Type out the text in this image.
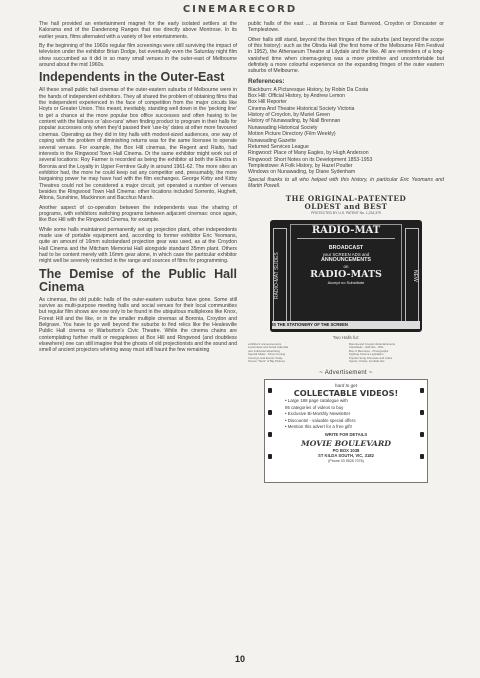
CINEMARECORD

The hall provided an entertainment magnet for the early isolated settlers at the Kalorama end of the Dandenong Ranges that rise directly above Montrose. In its earlier years, films alternated with a variety of live entertainments.

By the beginning of the 1960s regular film screenings were still surviving the impact of television under the exhibitor Brian Dodge, but eventually even the Saturday night film show succumbed as it did in so many small venues in the outer-east of Melbourne around about the mid 1960s.

Independents in the Outer-East

All these small public hall cinemas of the outer-eastern suburbs of Melbourne were in the hands of independent exhibitors. They all shared the problem of obtaining films that the independent experienced in the face of competition from the major circuits like Hoyts or Greater Union. This meant, inevitably, standing well down in the 'pecking line' to get a chance at the more popular box office successes and often having to be content with the failures or 'also-rans' when finding product to program in their halls for popular successes only when they'd passed their 'use-by' dates at other more favoured cinemas. Operating as they did in tiny halls with modest-sized audiences, one way of coping with the problem of diminishing returns was for the same licensee to operate several venues. For example, the Box Hill cinemas, the Regent and Rialto, had interests in the Ringwood Town Hall Cinema. Or the same exhibitor might work out of several locations: Roy Farmer is recorded as being the exhibitor at both the Electra in Boronia and the Loyalty in Upper Ferntree Gully in around 1961-62. The more sites an exhibitor had, the more he could keep out any competitor and, presumably, the more bargaining power he may have had with the film exchanges. George Kirby and Kirby Theatres could not be considered a major circuit, yet operated a number of venues besides the Ringwood Town Hall Cinema: other locations included Sorrento, Hughett, Altona, Sunshine, Mackinnon and Bacchus Marsh.

Another aspect of co-operation between the independents was the sharing of programs, with exhibitors switching programs between adjacent cinemas: once again, like Box Hill with the Ringwood Cinema, for example.

While some halls maintained permanently set up projection plant, other independents made use of portable equipment and, according to former exhibitor Eric Yeomans, quite an amount of 16mm substandard projection gear was used, as at the Croydon Hall Cinema and the Mitcham Memorial Hall alongside standard 35mm plant. Others had to be content merely with 16mm gear alone, in which case the particular exhibitor might well be severely restricted in the range and sources of films for programming.

The Demise of the Public Hall Cinema

As cinemas, the old public halls of the outer-eastern suburbs have gone. Some still survive as multi-purpose meeting halls and social venues for their local communities but regular film shows are now only to be found in the ubiquitous multiplexes like Knox, Forest Hill and the like, or in the smaller multiple cinemas at Boronia, Croydon and Belgrave. You have to go well beyond the suburbs to find relics like the Healesville Public Hall cinema or Warburton's Civic Theatre. While the cinema chains are contemplating further multi or megaplexes at Box Hill and Ringwood (and doubtless elsewhere) one can still imagine that the ghosts of old projectionists and the sound and smell of ancient projectors whirring away must still haunt the few remaining

public halls of the east ... at Boronia or East Burwood, Croydon or Doncaster or Templestowe.

Other halls still stand, beyond the then fringes of the suburbs (and beyond the scope of this history): such as the Olinda Hall (the first home of the Melbourne Film Festival in 1952), the Athenaeum Theatre at Lilydale and the like. All are reminders of a long-vanished time when cinema-going was a more primitive and uncomfortable but definitely a more colourful experience on the expanding fringes of the outer eastern suburbs of Melbourne.

References:
Blackburn: A Picturesque History, by Robin Da Costa
Box Hill: Official History, by Andrew Lemon
Box Hill Reporter
Cinema And Theatre Historical Society Victoria
History of Croydon, by Muriel Green
History of Nunawading, by Niall Brennan
Nunawading Historical Society
Motion Picture Directory (Film Weekly)
Nunawading Gazette
Returned Services League
Ringwood: Place of Many Eagles, by Hugh Anderson
Ringwood: Short Notes on its Development 1853-1953
Templestowe: A Folk History, by Hazel Poulter
Windows on Nunawading, by Diane Sydenham
Special thanks to all who helped with this history, in particular Eric Yeomans and Martin Powell.
THE ORIGINAL-PATENTED
OLDEST and BEST
PROTECTED BY U.S. PATENT No. 1,234,379
RADIO-MAT SLIDES	NEW
RADIO-MAT
BROADCAST
your SCREEN ADS and
ANNOUNCEMENTS
on
RADIO-MATS
Accept no Substitute
IS THE STATIONERY OF THE SCREEN
Two Halls fur:
exhibitors' announcements	Boronia and Croydon Entertainments
Local News and Social Calendar	Classifieds - Hall Hire - RSL
own individual advertising	Box of Memories - Photographs
Special Slides - Films Coming	Fighting Cinema Legislation
Coming Local Events Today	Popular Song Choruses and Jokes
Screen "Stars" of Big Pictures	Sports, Cricket, Football, Etc.
~ Advertisement ~
hard to get
COLLECTABLE VIDEOS!
• Large 188 page catalogue with
95 categories of videos to buy
• Exclusive Bi-Monthly Newsletter
• Discounts! - valuable special offers
• Mention this advert for a free gift!
WRITE FOR DETAILS
MOVIE BOULEVARD
PO BOX 1038
ST KILDA SOUTH, VIC, 3182
(Phone 03 9525 7076)
10
